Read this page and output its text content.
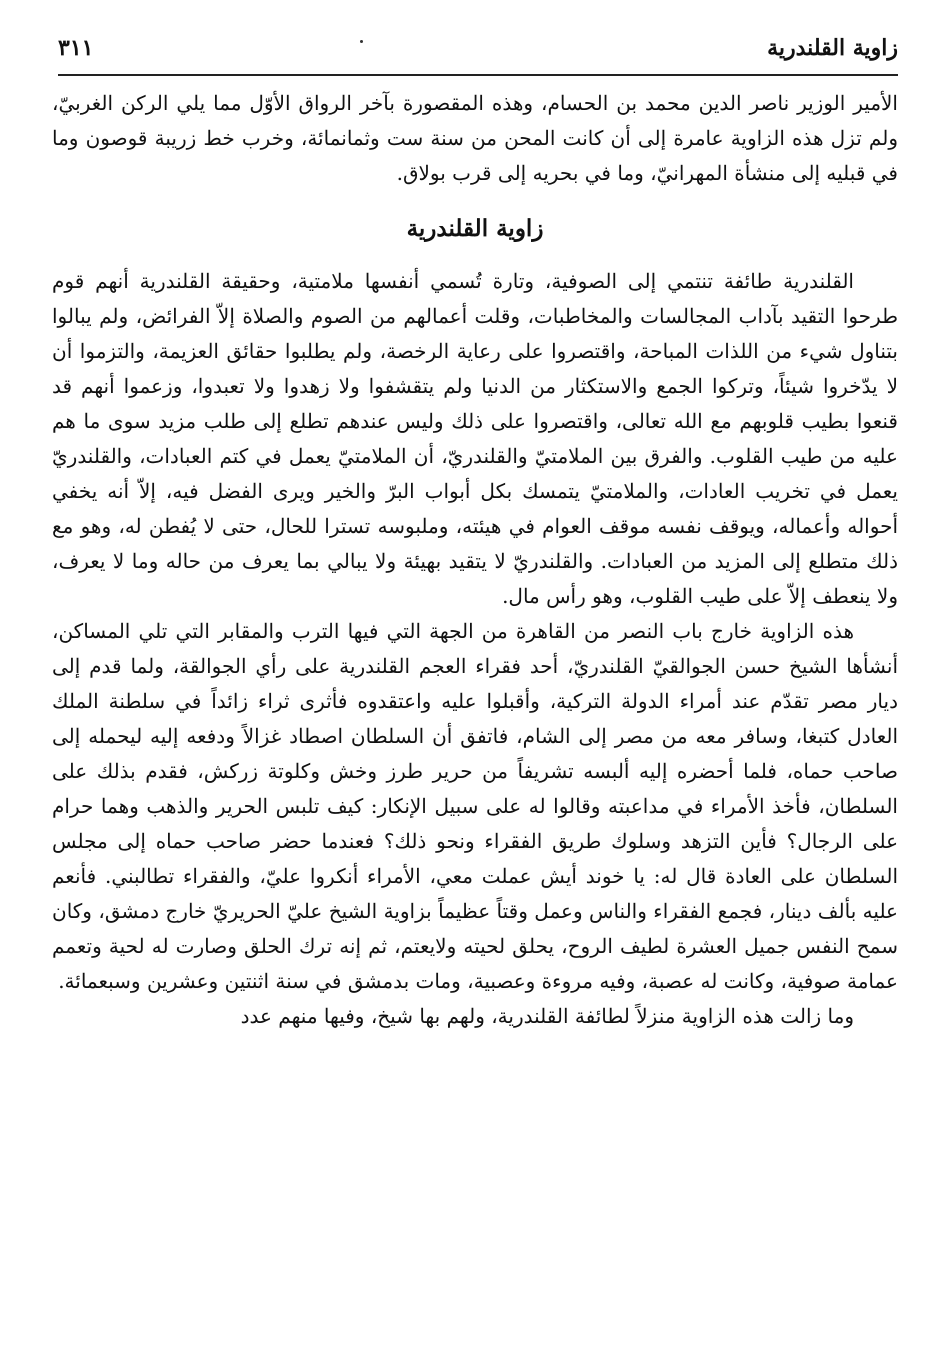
زاوية القلندرية
٣١١

الأمير الوزير ناصر الدين محمد بن الحسام، وهذه المقصورة بآخر الرواق الأوّل مما يلي الركن الغربيّ، ولم تزل هذه الزاوية عامرة إلى أن كانت المحن من سنة ست وثمانمائة، وخرب خط زريبة قوصون وما في قبليه إلى منشأة المهرانيّ، وما في بحريه إلى قرب بولاق.

زاوية القلندرية

القلندرية طائفة تنتمي إلى الصوفية، وتارة تُسمي أنفسها ملامتية، وحقيقة القلندرية أنهم قوم طرحوا التقيد بآداب المجالسات والمخاطبات، وقلت أعمالهم من الصوم والصلاة إلاّ الفرائض، ولم يبالوا بتناول شيء من اللذات المباحة، واقتصروا على رعاية الرخصة، ولم يطلبوا حقائق العزيمة، والتزموا أن لا يدّخروا شيئاً، وتركوا الجمع والاستكثار من الدنيا ولم يتقشفوا ولا زهدوا ولا تعبدوا، وزعموا أنهم قد قنعوا بطيب قلوبهم مع الله تعالى، واقتصروا على ذلك وليس عندهم تطلع إلى طلب مزيد سوى ما هم عليه من طيب القلوب. والفرق بين الملامتيّ والقلندريّ، أن الملامتيّ يعمل في كتم العبادات، والقلندريّ يعمل في تخريب العادات، والملامتيّ يتمسك بكل أبواب البرّ والخير ويرى الفضل فيه، إلاّ أنه يخفي أحواله وأعماله، ويوقف نفسه موقف العوام في هيئته، وملبوسه تسترا للحال، حتى لا يُفطن له، وهو مع ذلك متطلع إلى المزيد من العبادات. والقلندريّ لا يتقيد بهيئة ولا يبالي بما يعرف من حاله وما لا يعرف، ولا ينعطف إلاّ على طيب القلوب، وهو رأس مال.

هذه الزاوية خارج باب النصر من القاهرة من الجهة التي فيها الترب والمقابر التي تلي المساكن، أنشأها الشيخ حسن الجوالقيّ القلندريّ، أحد فقراء العجم القلندرية على رأي الجوالقة، ولما قدم إلى ديار مصر تقدّم عند أمراء الدولة التركية، وأقبلوا عليه واعتقدوه فأثرى ثراء زائداً في سلطنة الملك العادل كتبغا، وسافر معه من مصر إلى الشام، فاتفق أن السلطان اصطاد غزالاً ودفعه إليه ليحمله إلى صاحب حماه، فلما أحضره إليه ألبسه تشريفاً من حرير طرز وخش وكلوتة زركش، فقدم بذلك على السلطان، فأخذ الأمراء في مداعبته وقالوا له على سبيل الإنكار: كيف تلبس الحرير والذهب وهما حرام على الرجال؟ فأين التزهد وسلوك طريق الفقراء ونحو ذلك؟ فعندما حضر صاحب حماه إلى مجلس السلطان على العادة قال له: يا خوند أيش عملت معي، الأمراء أنكروا عليّ، والفقراء تطالبني. فأنعم عليه بألف دينار، فجمع الفقراء والناس وعمل وقتاً عظيماً بزاوية الشيخ عليّ الحريريّ خارج دمشق، وكان سمح النفس جميل العشرة لطيف الروح، يحلق لحيته ولايعتم، ثم إنه ترك الحلق وصارت له لحية وتعمم عمامة صوفية، وكانت له عصبة، وفيه مروءة وعصبية، ومات بدمشق في سنة اثنتين وعشرين وسبعمائة.

وما زالت هذه الزاوية منزلاً لطائفة القلندرية، ولهم بها شيخ، وفيها منهم عدد
